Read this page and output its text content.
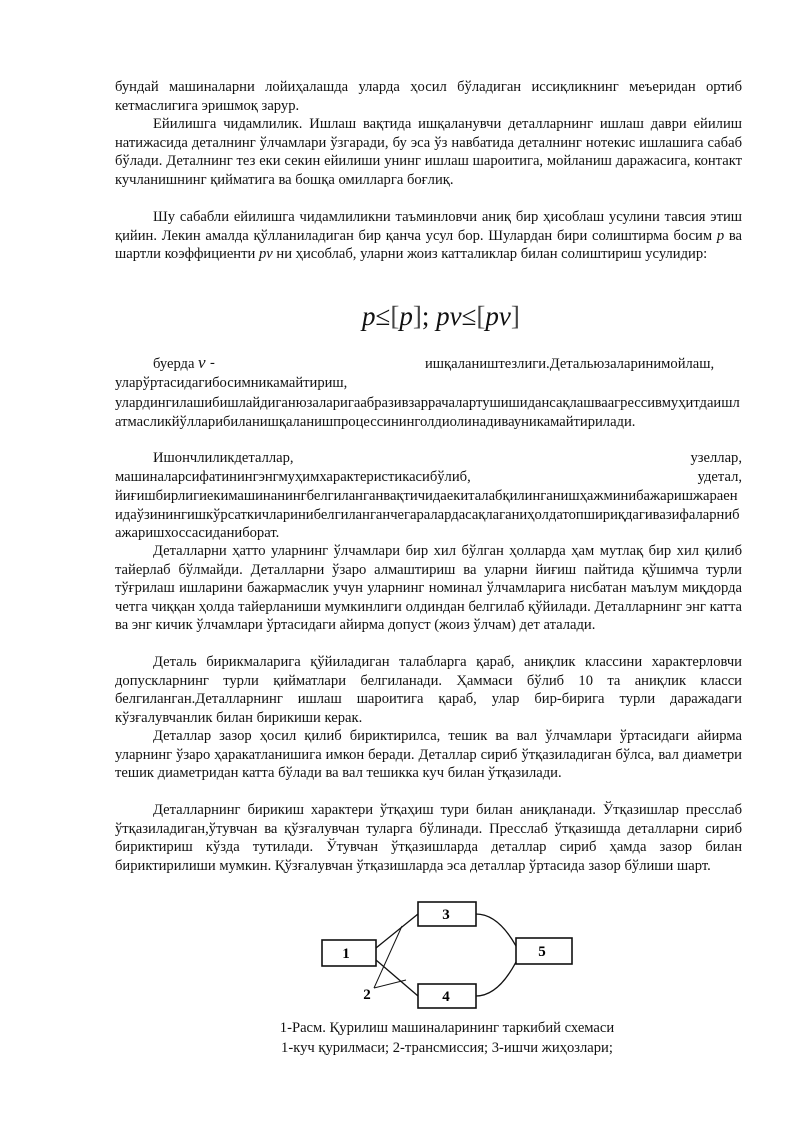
бундай машиналарни лойиҳалашда уларда ҳосил бўладиган иссиқликнинг меъеридан ортиб кетмаслигига эришмоқ зарур.

Ейилишга чидамлилик. Ишлаш вақтида ишқаланувчи деталларнинг ишлаш даври ейилиш натижасида деталнинг ўлчамлари ўзгаради, бу эса ўз навбатида деталнинг нотекис ишлашига сабаб бўлади. Деталнинг тез еки секин ейилиши унинг ишлаш шароитига, мойланиш даражасига, контакт кучланишнинг қийматига ва бошқа омилларга боғлиқ.

Шу сабабли ейилишга чидамлиликни таъминловчи аниқ бир ҳисоблаш усулини тавсия этиш қийин. Лекин амалда қўлланиладиган бир қанча усул бор. Шулардан бири солиштирма босим p ва шартли коэффициенти pv ни ҳисоблаб, уларни жоиз катталиклар билан солиштириш усулидир:

p≤[p]; pv≤[pv]
буерда ν -	ишқалаништезлиги.Детальюзаларинимойлаш,
уларўртасидагибосимникамайтириш,

улардингилашибишлайдиганюзаларигаабразивзаррачалартушишидансақлашваагрессивмуҳитдаишлатмасликйўлларибиланишқаланишпроцессининголдиолинадивауникамайтирилади.

Ишончлиликдеталлар,	узеллар,
машиналарсифатинингэнгмуҳимхарактеристикасибўлиб,	удетал,

йиғишбирлигиекимашинанингбелгиланганвақтичидаекиталабқилинганишҳажминибажаришжараенидаўзинингишкўрсаткичларинибелгиланганчегаралардасақлаганиҳолдатопшириқдагивазифаларнибажаришхоссасиданиборат.

Деталларни ҳатто уларнинг ўлчамлари бир хил бўлган ҳолларда ҳам мутлақ бир хил қилиб тайерлаб бўлмайди. Деталларни ўзаро алмаштириш ва уларни йиғиш пайтида қўшимча турли тўғрилаш ишларини бажармаслик учун уларнинг номинал ўлчамларига нисбатан маълум миқдорда четга чиққан ҳолда тайерланиши мумкинлиги олдиндан белгилаб қўйилади. Деталларнинг энг катта ва энг кичик ўлчамлари ўртасидаги айирма допуст (жоиз ўлчам) дет аталади.

Деталь бирикмаларига қўйиладиган талабларга қараб, аниқлик классини характерловчи допускларнинг турли қийматлари белгиланади. Ҳаммаси бўлиб 10 та аниқлик класси белгиланган.Деталларнинг ишлаш шароитига қараб, улар бир-бирига турли даражадаги кўзғалувчанлик билан бирикиши керак.

Деталлар зазор ҳосил қилиб бириктирилса, тешик ва вал ўлчамлари ўртасидаги айирма уларнинг ўзаро ҳаракатланишига имкон беради. Деталлар сириб ўтқазиладиган бўлса, вал диаметри тешик диаметридан катта бўлади ва вал тешикка куч билан ўтқазилади.

Деталларнинг бирикиш характери ўтқаҳиш тури билан аниқланади. Ўтқазишлар пресслаб ўтқазиладиган,ўтувчан ва қўзғалувчан туларга бўлинади. Пресслаб ўтқазишда деталларни сириб бириктириш кўзда тутилади. Ўтувчан ўтқазишларда деталлар сириб ҳамда зазор билан бириктирилиши мумкин. Қўзғалувчан ўтқазишларда эса деталлар ўртасида зазор бўлиши шарт.

1
3
4
5
2
1-Расм. Қурилиш машиналарининг таркибий схемаси
1-куч қурилмаси; 2-трансмиссия; 3-ишчи жиҳозлари;
